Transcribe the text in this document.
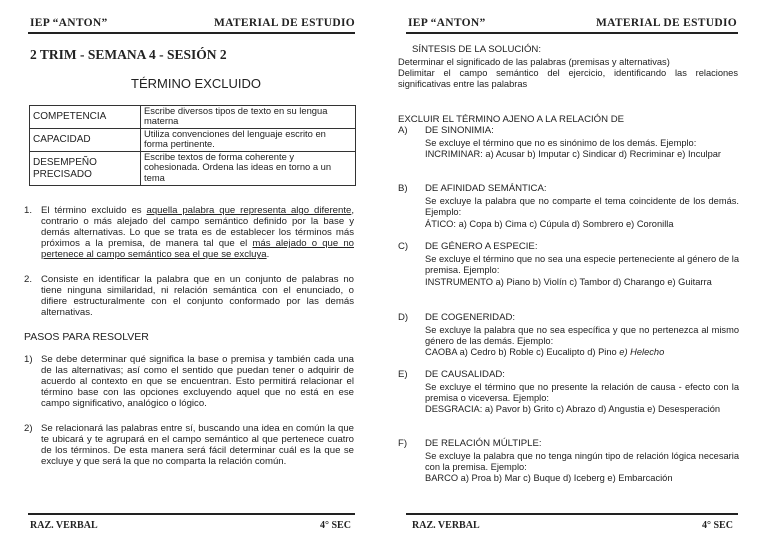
IEP “ANTON”	MATERIAL DE ESTUDIO
2 TRIM - SEMANA 4 - SESIÓN 2
TÉRMINO EXCLUIDO
COMPETENCIA	Escribe diversos tipos de texto en su lengua materna
CAPACIDAD	Utiliza convenciones del lenguaje escrito en forma pertinente.
DESEMPEÑO PRECISADO	Escribe textos de forma coherente y cohesionada. Ordena las ideas en torno a un tema
1. El término excluido es aquella palabra que representa algo diferente, contrario o más alejado del campo semántico definido por la base y demás alternativas. Lo que se trata es de establecer los términos más próximos a la premisa, de manera tal que el más alejado o que no pertenece al campo semántico sea el que se excluya.
2. Consiste en identificar la palabra que en un conjunto de palabras no tiene ninguna similaridad, ni relación semántica con el enunciado, o difiere estructuralmente con el conjunto conformado por las demás alternativas.
PASOS PARA RESOLVER
1) Se debe determinar qué significa la base o premisa y también cada una de las alternativas; así como el sentido que puedan tener o adquirir de acuerdo al contexto en que se encuentran. Esto permitirá relacionar el término base con las opciones excluyendo aquel que no está en ese campo significativo, analógico o lógico.
2) Se relacionará las palabras entre sí, buscando una idea en común la que te ubicará y te agrupará en el campo semántico al que pertenece cuatro de los términos. De esta manera será fácil determinar cuál es la que se excluye y que será la que no comparta la relación común.
RAZ. VERBAL	4° SEC
IEP “ANTON”	MATERIAL DE ESTUDIO
SÍNTESIS DE LA SOLUCIÓN:
Determinar el significado de las palabras (premisas y alternativas)
Delimitar el campo semántico del ejercicio, identificando las relaciones significativas entre las palabras
EXCLUIR EL TÉRMINO AJENO A LA RELACIÓN DE
A) DE SINONIMIA:
Se excluye el término que no es sinónimo de los demás. Ejemplo:
INCRIMINAR: a) Acusar b) Imputar c) Sindicar d) Recriminar e) Inculpar
B) DE AFINIDAD SEMÁNTICA:
Se excluye la palabra que no comparte el tema coincidente de los demás. Ejemplo:
ÁTICO: a) Copa b) Cima c) Cúpula d) Sombrero e) Coronilla
C) DE GÉNERO A ESPECIE:
Se excluye el término que no sea una especie perteneciente al género de la premisa. Ejemplo:
INSTRUMENTO a) Piano b) Violín c) Tambor d) Charango e) Guitarra
D) DE COGENERIDAD:
Se excluye la palabra que no sea específica y que no pertenezca al mismo género de las demás. Ejemplo:
CAOBA a) Cedro b) Roble c) Eucalipto d) Pino e) Helecho
E) DE CAUSALIDAD:
Se excluye el término que no presente la relación de causa - efecto con la premisa o viceversa. Ejemplo:
DESGRACIA: a) Pavor b) Grito c) Abrazo d) Angustia e) Desesperación
F) DE RELACIÓN MÚLTIPLE:
Se excluye la palabra que no tenga ningún tipo de relación lógica necesaria con la premisa. Ejemplo:
BARCO a) Proa b) Mar c) Buque d) Iceberg e) Embarcación
RAZ. VERBAL	4° SEC
